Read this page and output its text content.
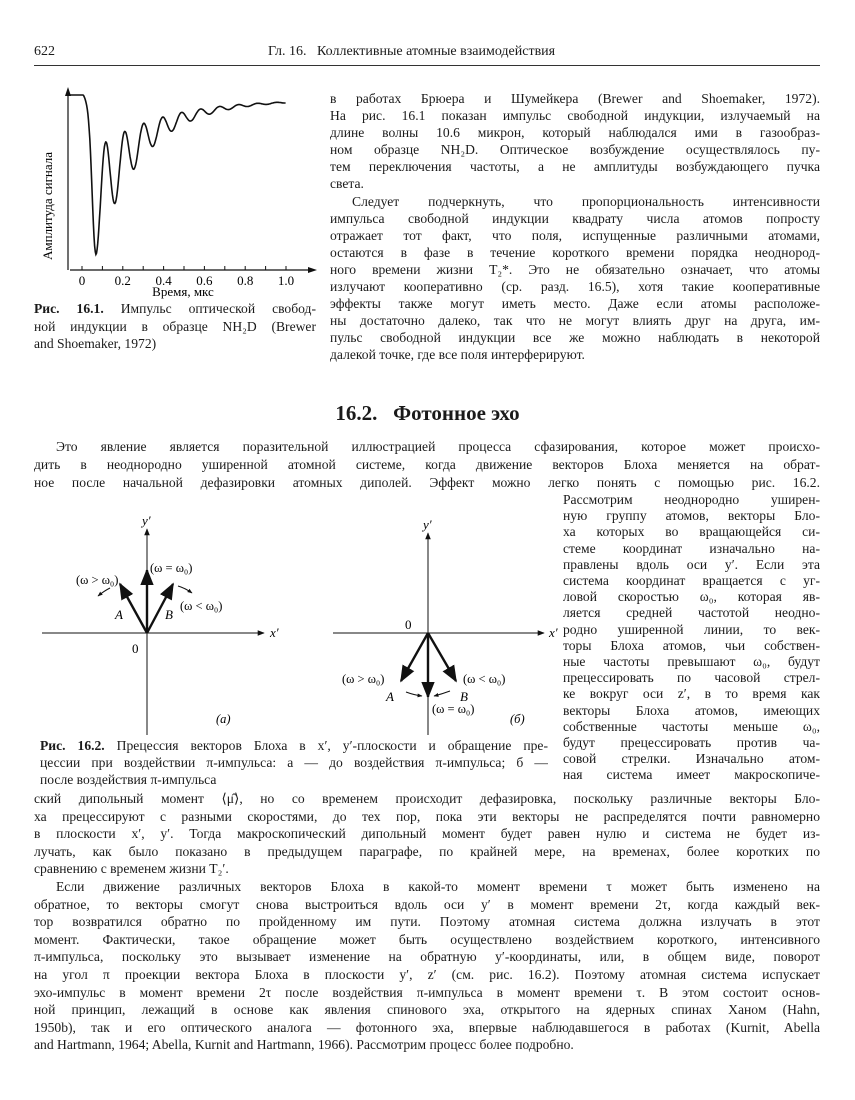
622	Гл. 16.   Коллективные атомные взаимодействия
0 0.2 0.4 0.6 0.8 1.0
Амплитуда сигнала
Время, мкс
Рис. 16.1. Импульс оптической свобод-
ной индукции в образце NH₂D (Brewer
and Shoemaker, 1972)
в работах Брюера и Шумейкера (Brewer and Shoemaker, 1972).
На рис. 16.1 показан импульс свободной индукции, излучаемый на
длине волны 10.6 микрон, который наблюдался ими в газообраз-
ном образце NH₂D. Оптическое возбуждение осуществлялось пу-
тем переключения частоты, а не амплитуды возбуждающего пучка
света.
Следует подчеркнуть, что пропорциональность интенсивности
импульса свободной индукции квадрату числа атомов попросту
отражает тот факт, что поля, испущенные различными атомами,
остаются в фазе в течение короткого времени порядка неоднород-
ного времени жизни T₂*. Это не обязательно означает, что атомы
излучают кооперативно (ср. разд. 16.5), хотя такие кооперативные
эффекты также могут иметь место. Даже если атомы расположе-
ны достаточно далеко, так что не могут влиять друг на друга, им-
пульс свободной индукции все же можно наблюдать в некоторой
далекой точке, где все поля интерферируют.
16.2.   Фотонное эхо
Это явление является поразительной иллюстрацией процесса сфазирования, которое может происхо-
дить в неоднородно уширенной атомной системе, когда движение векторов Блоха меняется на обрат-
ное после начальной дефазировки атомных диполей. Эффект можно легко понять с помощью рис. 16.2.
Рассмотрим неоднородно уширен-
ную группу атомов, векторы Бло-
ха которых во вращающейся си-
стеме координат изначально на-
правлены вдоль оси y′. Если эта
система координат вращается с уг-
ловой скоростью ω₀, которая яв-
ляется средней частотой неодно-
родно уширенной линии, то век-
торы Блоха атомов, чьи собствен-
ные частоты превышают ω₀, будут
прецессировать по часовой стрел-
ке вокруг оси z′, в то время как
векторы Блоха атомов, имеющих
собственные частоты меньше ω₀,
будут прецессировать против ча-
совой стрелки. Изначально атом-
ная система имеет макроскопиче-
x′
y′
0
(ω = ω₀)
(ω > ω₀)
(ω < ω₀)
A	B
(а)
x′
y′
0
(ω = ω₀)
(ω > ω₀)	(ω < ω₀)
A	B
(б)
Рис. 16.2. Прецессия векторов Блоха в x′, y′-плоскости и обращение пре-
цессии при воздействии π-импульса: а — до воздействия π-импульса; б —
после воздействия π-импульса
ский дипольный момент ⟨μ̂⟩, но со временем происходит дефазировка, поскольку различные векторы Бло-
ха прецессируют с разными скоростями, до тех пор, пока эти векторы не распределятся почти равномерно
в плоскости x′, y′. Тогда макроскопический дипольный момент будет равен нулю и система не будет из-
лучать, как было показано в предыдущем параграфе, по крайней мере, на временах, более коротких по
сравнению с временем жизни T₂′.
Если движение различных векторов Блоха в какой-то момент времени τ может быть изменено на
обратное, то векторы смогут снова выстроиться вдоль оси y′ в момент времени 2τ, когда каждый век-
тор возвратился обратно по пройденному им пути. Поэтому атомная система должна излучать в этот
момент. Фактически, такое обращение может быть осуществлено воздействием короткого, интенсивного
π-импульса, поскольку это вызывает изменение на обратную y′-координаты, или, в общем виде, поворот
на угол π проекции вектора Блоха в плоскости y′, z′ (см. рис. 16.2). Поэтому атомная система испускает
эхо-импульс в момент времени 2τ после воздействия π-импульса в момент времени τ. В этом состоит основ-
ной принцип, лежащий в основе как явления спинового эха, открытого на ядерных спинах Ханом (Hahn,
1950b), так и его оптического аналога — фотонного эха, впервые наблюдавшегося в работах (Kurnit, Abella
and Hartmann, 1964; Abella, Kurnit and Hartmann, 1966). Рассмотрим процесс более подробно.
